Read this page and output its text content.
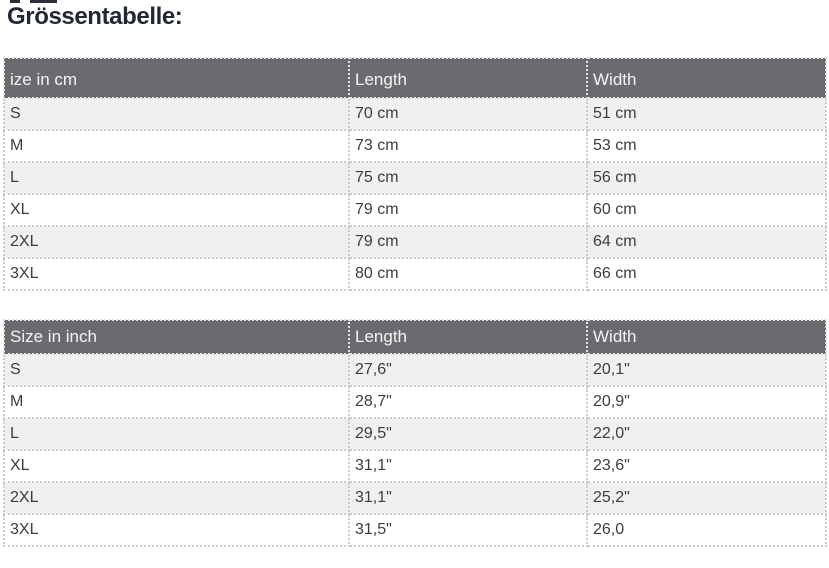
Grössentabelle:
ize in cm	Length	Width
S	70 cm	51 cm
M	73 cm	53 cm
L	75 cm	56 cm
XL	79 cm	60 cm
2XL	79 cm	64 cm
3XL	80 cm	66 cm
Size in inch	Length	Width
S	27,6"	20,1"
M	28,7"	20,9"
L	29,5"	22,0"
XL	31,1"	23,6"
2XL	31,1"	25,2"
3XL	31,5"	26,0
